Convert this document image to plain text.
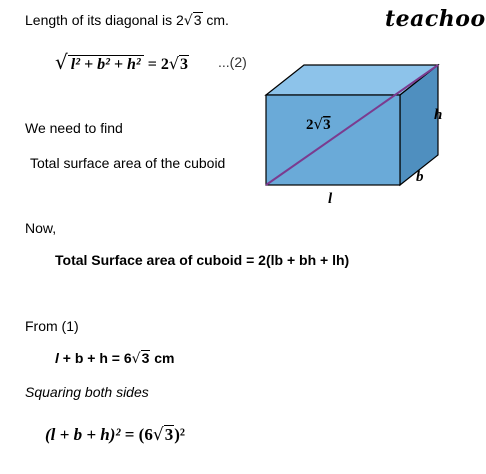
Length of its diagonal is 2√3 cm.	teachoo
√ l² + b² + h² = 2√3 ...(2)
We need to find
Total surface area of the cuboid
Now,
Total Surface area of cuboid = 2(lb + bh + lh)
From (1)
l + b + h = 6√3 cm
Squaring both sides
(l + b + h)² = (6√3)²
2√3
h
b
l
